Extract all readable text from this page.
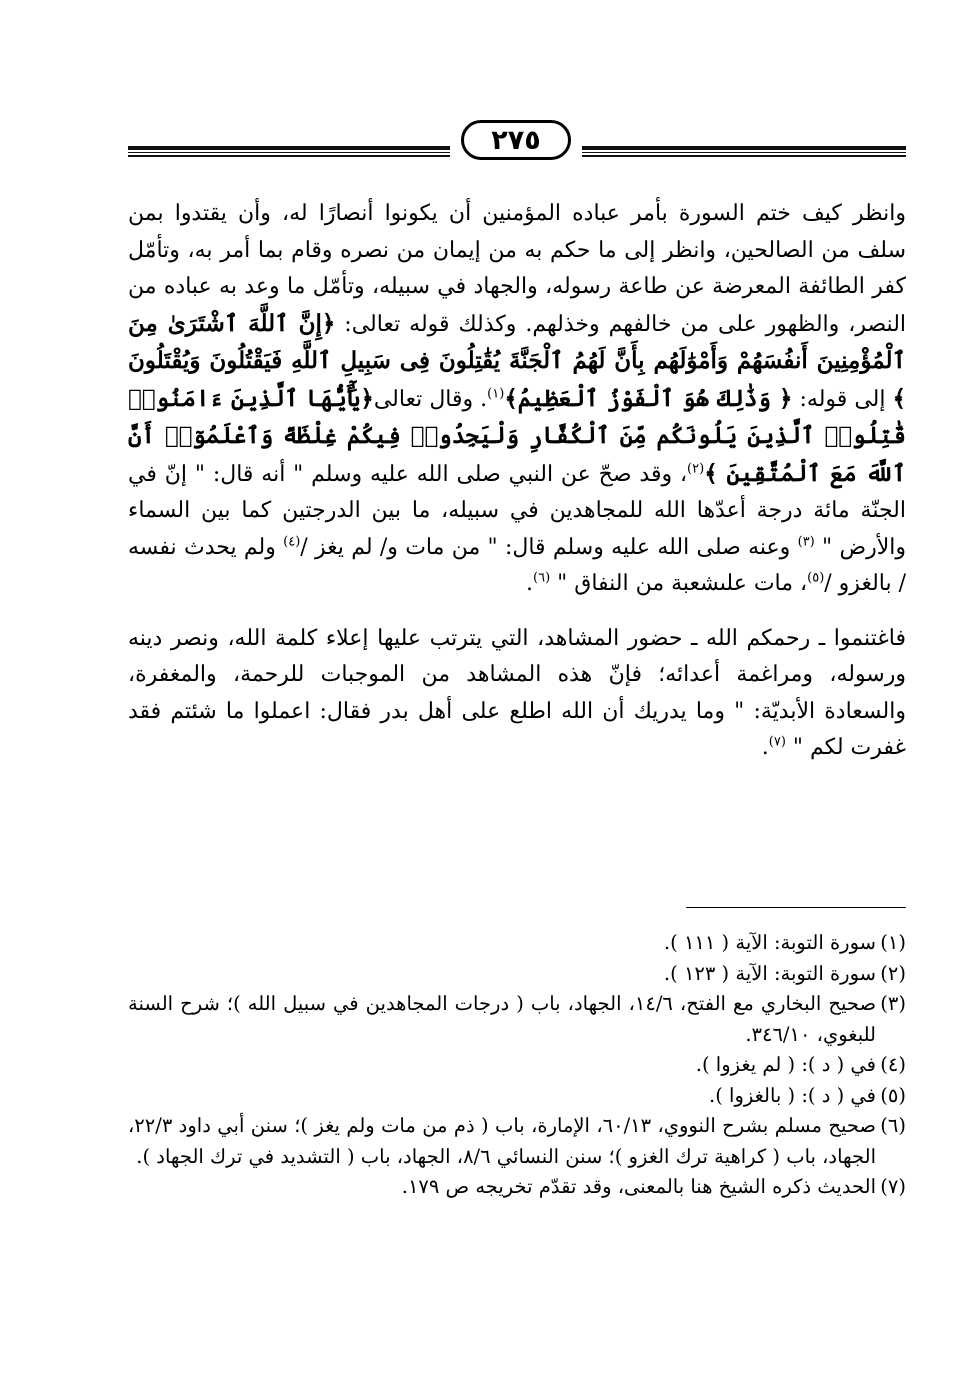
٢٧٥

وانظر كيف ختم السورة بأمر عباده المؤمنين أن يكونوا أنصارًا له، وأن يقتدوا بمن سلف من الصالحين، وانظر إلى ما حكم به من إيمان من نصره وقام بما أمر به، وتأمّل كفر الطائفة المعرضة عن طاعة رسوله، والجهاد في سبيله، وتأمّل ما وعد به عباده من النصر، والظهور على من خالفهم وخذلهم. وكذلك قوله تعالى: ﴿إِنَّ ٱللَّهَ ٱشْتَرَىٰ مِنَ ٱلْمُؤْمِنِينَ أَنفُسَهُمْ وَأَمْوَٰلَهُم بِأَنَّ لَهُمُ ٱلْجَنَّةَ يُقَٰتِلُونَ فِى سَبِيلِ ٱللَّهِ فَيَقْتُلُونَ وَيُقْتَلُونَ ﴾ إلى قوله: ﴿ وَذَٰلِكَ هُوَ ٱلْفَوْزُ ٱلْعَظِيمُ﴾$^{(١)}$. وقال تعالى﴿يَٰٓأَيُّهَا ٱلَّذِينَ ءَامَنُوا۟ قَٰتِلُوا۟ ٱلَّذِينَ يَلُونَكُم مِّنَ ٱلْكُفَّارِ وَلْيَجِدُوا۟ فِيكُمْ غِلْظَةً وَٱعْلَمُوٓا۟ أَنَّ ٱللَّهَ مَعَ ٱلْمُتَّقِينَ ﴾$^{(٢)}$، وقد صحّ عن النبي صلى الله عليه وسلم " أنه قال: " إنّ في الجنّة مائة درجة أعدّها الله للمجاهدين في سبيله، ما بين الدرجتين كما بين السماء والأرض " $^{(٣)}$ وعنه صلى الله عليه وسلم قال: " من مات و/ لم يغز /$^{(٤)}$ ولم يحدث نفسه / بالغزو /$^{(٥)}$، مات علىشعبة من النفاق " $^{(٦)}$.

فاغتنموا ـ رحمكم الله ـ حضور المشاهد، التي يترتب عليها إعلاء كلمة الله، ونصر دينه ورسوله، ومراغمة أعدائه؛ فإنّ هذه المشاهد من الموجبات للرحمة، والمغفرة، والسعادة الأبديّة: " وما يدريك أن الله اطلع على أهل بدر فقال: اعملوا ما شئتم فقد غفرت لكم " $^{(٧)}$.

(١)
سورة التوبة: الآية ( ١١١ ).
(٢)
سورة التوبة: الآية ( ١٢٣ ).
(٣)
صحيح البخاري مع الفتح، ١٤/٦، الجهاد، باب ( درجات المجاهدين في سبيل الله )؛ شرح السنة للبغوي، ٣٤٦/١٠.
(٤)
في ( د ): ( لم يغزوا ).
(٥)
في ( د ): ( بالغزوا ).
(٦)
صحيح مسلم بشرح النووي، ٦٠/١٣، الإمارة، باب ( ذم من مات ولم يغز )؛ سنن أبي داود ٢٢/٣، الجهاد، باب ( كراهية ترك الغزو )؛ سنن النسائي ٨/٦، الجهاد، باب ( التشديد في ترك الجهاد ).
(٧)
الحديث ذكره الشيخ هنا بالمعنى، وقد تقدّم تخريجه ص ١٧٩.
